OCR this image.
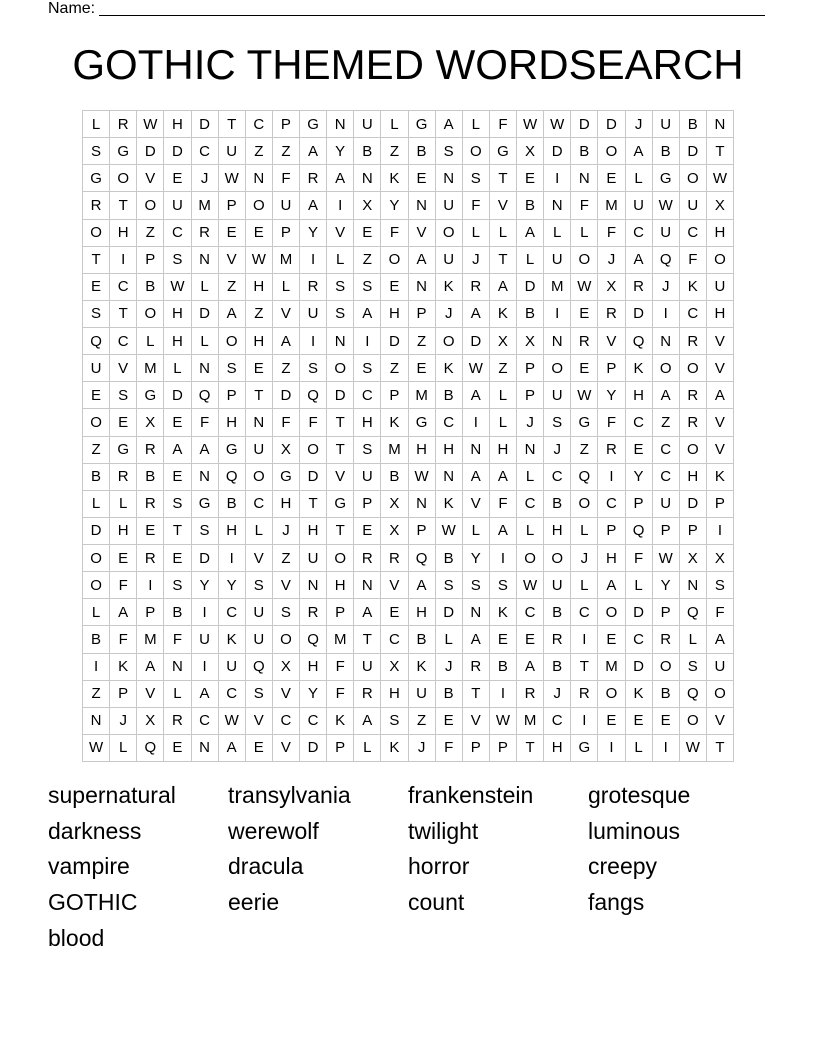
Name:
GOTHIC THEMED WORDSEARCH
L	R W H	D	T	C	P	G	N	U	L	G	A	L	F	W W D	D	J	U	B	N
S	G	D	D	C	U	Z	Z	A	Y	B	Z	B	S	O	G	X	D	B	O	A	B	D	T
G	O	V	E	J	W N	F	R	A	N	K	E	N	S	T	E	I	N	E	L	G	O W
R	T	O	U	M	P	O	U	A	I	X	Y	N	U	F	V	B	N	F	M	U W U	X
O	H	Z	C	R	E	E	P	Y	V	E	F	V	O	L	L	A	L	L	F	C	U	C	H
T	I	P	S	N	V	W M	I	L	Z	O	A	U	J	T	L	U	O	J	A	Q	F	O
E	C	B	W	L	Z	H	L	R	S	S	E	N	K	R	A	D	M W	X	R	J	K	U
S	T	O	H	D	A	Z	V	U	S	A	H	P	J	A	K	B	I	E	R	D	I	C	H
Q	C	L	H	L	O	H	A	I	N	I	D	Z	O	D	X	X	N	R	V	Q	N	R	V
U	V	M	L	N	S	E	Z	S	O	S	Z	E	K	W	Z	P	O	E	P	K	O	O	V
E	S	G	D	Q	P	T	D	Q	D	C	P	M	B	A	L	P	U W	Y	H	A	R	A
O	E	X	E	F	H	N	F	F	T	H	K	G	C	I	L	J	S	G	F	C	Z	R	V
Z	G	R	A	A	G	U	X	O	T	S	M	H	H	N	H	N	J	Z	R	E	C	O	V
B	R	B	E	N	Q	O	G	D	V	U	B	W N	A	A	L	C	Q	I	Y	C	H	K
L	L	R	S	G	B	C	H	T	G	P	X	N	K	V	F	C	B	O	C	P	U	D	P
D	H	E	T	S	H	L	J	H	T	E	X	P	W	L	A	L	H	L	P	Q	P	P	I
O	E	R	E	D	I	V	Z	U	O	R	R	Q	B	Y	I	O	O	J	H	F	W	X	X
O	F	I	S	Y	Y	S	V	N	H	N	V	A	S	S	S	W U	L	A	L	Y	N	S
L	A	P	B	I	C	U	S	R	P	A	E	H	D	N	K	C	B	C	O	D	P	Q	F
B	F	M	F	U	K	U	O	Q	M	T	C	B	L	A	E	E	R	I	E	C	R	L	A
I	K	A	N	I	U	Q	X	H	F	U	X	K	J	R	B	A	B	T	M	D	O	S	U
Z	P	V	L	A	C	S	V	Y	F	R	H	U	B	T	I	R	J	R	O	K	B	Q	O
N	J	X	R	C W	V	C	C	K	A	S	Z	E	V	W M	C	I	E	E	E	O	V
W	L	Q	E	N	A	E	V	D	P	L	K	J	F	P	P	T	H	G	I	L	I	W	T
supernatural	transylvania	frankenstein	grotesque
darkness	werewolf	twilight	luminous
vampire	dracula	horror	creepy
GOTHIC	eerie	count	fangs
blood
